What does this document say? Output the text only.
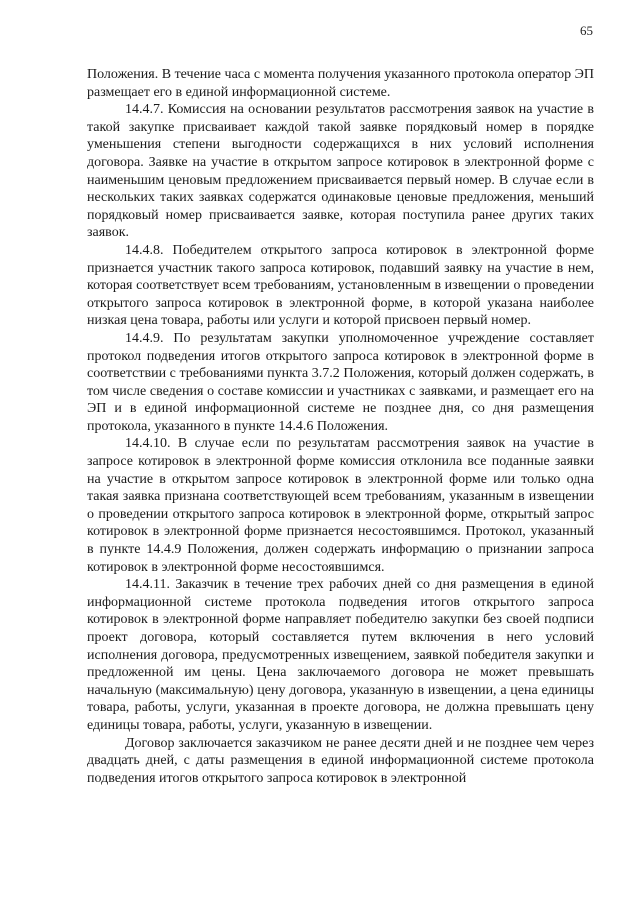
65

Положения. В течение часа с момента получения указанного протокола оператор ЭП размещает его в единой информационной системе.

14.4.7. Комиссия на основании результатов рассмотрения заявок на участие в такой закупке присваивает каждой такой заявке порядковый номер в порядке уменьшения степени выгодности содержащихся в них условий исполнения договора. Заявке на участие в открытом запросе котировок в электронной форме с наименьшим ценовым предложением присваивается первый номер. В случае если в нескольких таких заявках содержатся одинаковые ценовые предложения, меньший порядковый номер присваивается заявке, которая поступила ранее других таких заявок.

14.4.8. Победителем открытого запроса котировок в электронной форме признается участник такого запроса котировок, подавший заявку на участие в нем, которая соответствует всем требованиям, установленным в извещении о проведении открытого запроса котировок в электронной форме, в которой указана наиболее низкая цена товара, работы или услуги и которой присвоен первый номер.

14.4.9. По результатам закупки уполномоченное учреждение составляет протокол подведения итогов открытого запроса котировок в электронной форме в соответствии с требованиями пункта 3.7.2 Положения, который должен содержать, в том числе сведения о составе комиссии и участниках с заявками, и размещает его на ЭП и в единой информационной системе не позднее дня, со дня размещения протокола, указанного в пункте 14.4.6 Положения.

14.4.10. В случае если по результатам рассмотрения заявок на участие в запросе котировок в электронной форме комиссия отклонила все поданные заявки на участие в открытом запросе котировок в электронной форме или только одна такая заявка признана соответствующей всем требованиям, указанным в извещении о проведении открытого запроса котировок в электронной форме, открытый запрос котировок в электронной форме признается несостоявшимся. Протокол, указанный в пункте 14.4.9 Положения, должен содержать информацию о признании запроса котировок в электронной форме несостоявшимся.

14.4.11. Заказчик в течение трех рабочих дней со дня размещения в единой информационной системе протокола подведения итогов открытого запроса котировок в электронной форме направляет победителю закупки без своей подписи проект договора, который составляется путем включения в него условий исполнения договора, предусмотренных извещением, заявкой победителя закупки и предложенной им цены. Цена заключаемого договора не может превышать начальную (максимальную) цену договора, указанную в извещении, а цена единицы товара, работы, услуги, указанная в проекте договора, не должна превышать цену единицы товара, работы, услуги, указанную в извещении.

Договор заключается заказчиком не ранее десяти дней и не позднее чем через двадцать дней, с даты размещения в единой информационной системе протокола подведения итогов открытого запроса котировок в электронной
